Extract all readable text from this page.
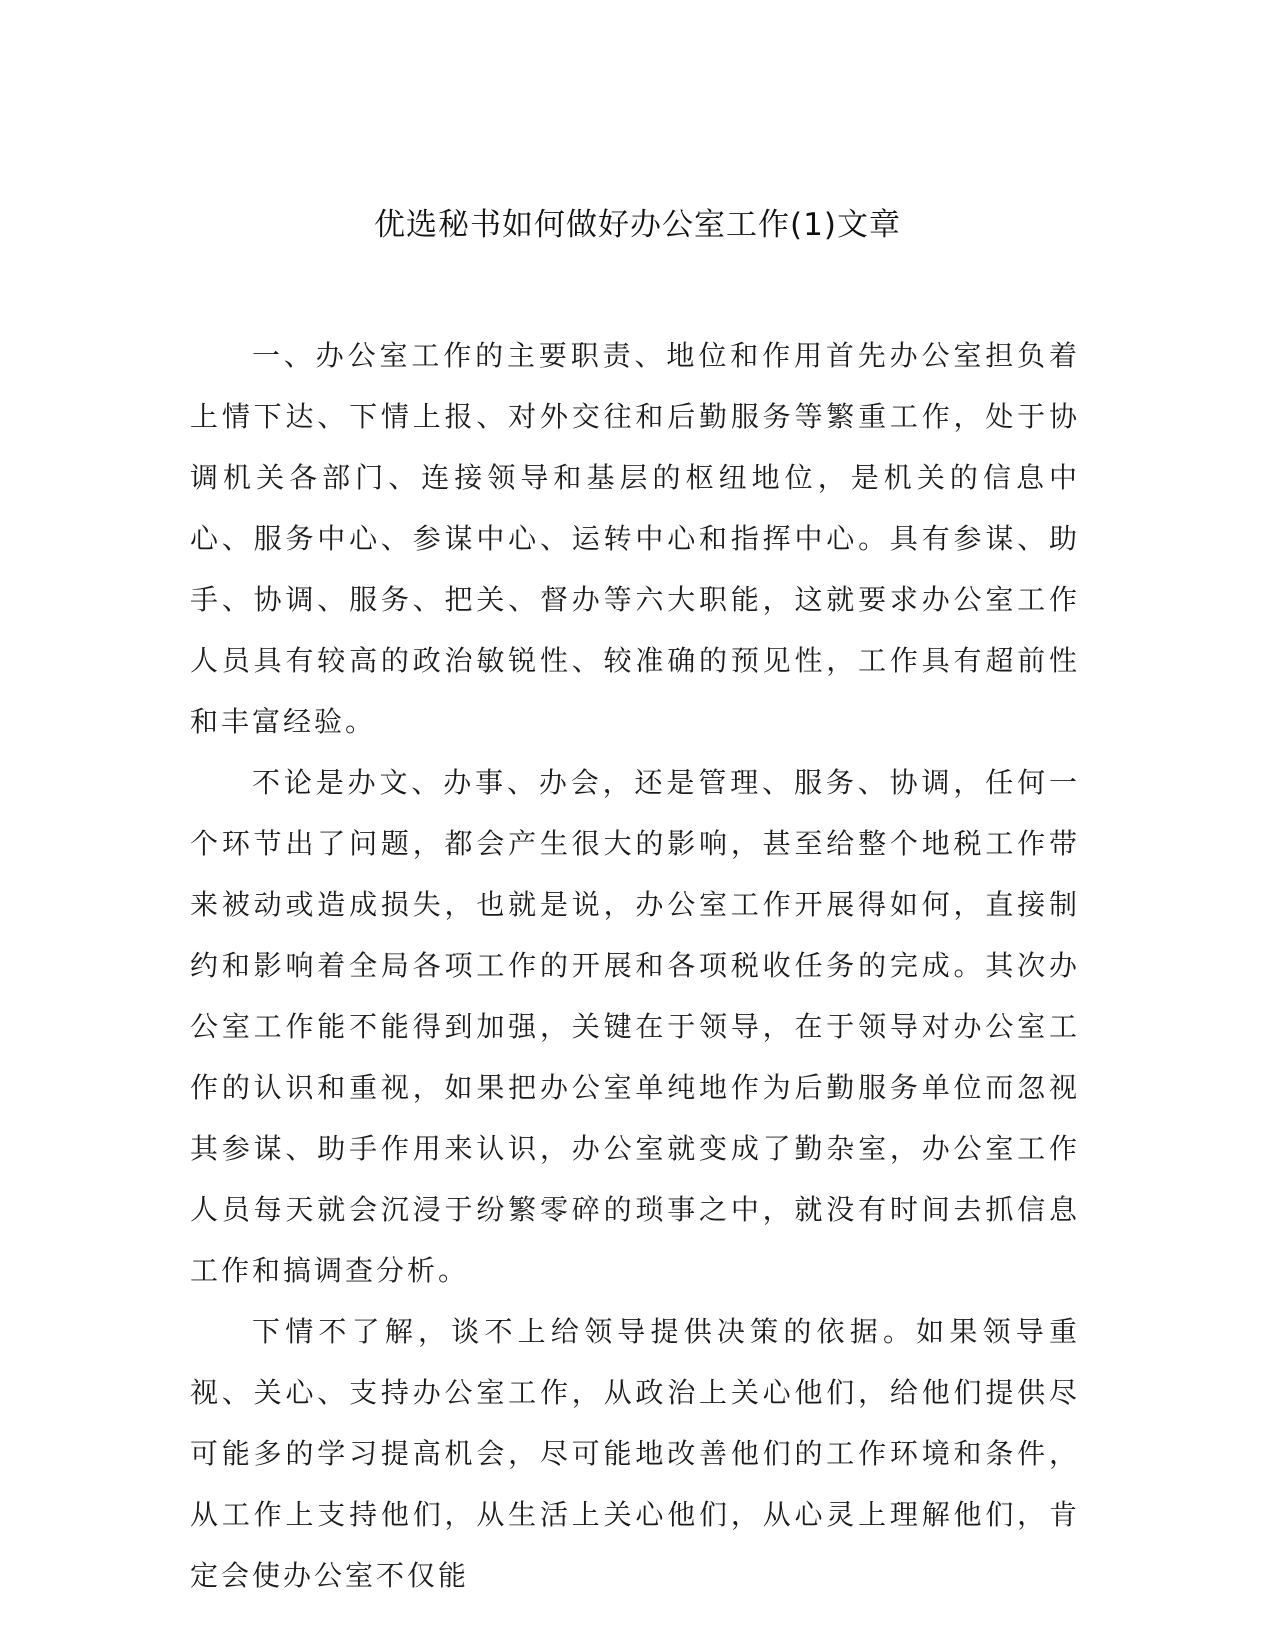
优选秘书如何做好办公室工作(1)文章

一、办公室工作的主要职责、地位和作用首先办公室担负着上情下达、下情上报、对外交往和后勤服务等繁重工作，处于协调机关各部门、连接领导和基层的枢纽地位，是机关的信息中心、服务中心、参谋中心、运转中心和指挥中心。具有参谋、助手、协调、服务、把关、督办等六大职能，这就要求办公室工作人员具有较高的政治敏锐性、较准确的预见性，工作具有超前性和丰富经验。

不论是办文、办事、办会，还是管理、服务、协调，任何一个环节出了问题，都会产生很大的影响，甚至给整个地税工作带来被动或造成损失，也就是说，办公室工作开展得如何，直接制约和影响着全局各项工作的开展和各项税收任务的完成。其次办公室工作能不能得到加强，关键在于领导，在于领导对办公室工作的认识和重视，如果把办公室单纯地作为后勤服务单位而忽视其参谋、助手作用来认识，办公室就变成了勤杂室，办公室工作人员每天就会沉浸于纷繁零碎的琐事之中，就没有时间去抓信息工作和搞调查分析。

下情不了解，谈不上给领导提供决策的依据。如果领导重视、关心、支持办公室工作，从政治上关心他们，给他们提供尽可能多的学习提高机会，尽可能地改善他们的工作环境和条件，从工作上支持他们，从生活上关心他们，从心灵上理解他们，肯定会使办公室不仅能
